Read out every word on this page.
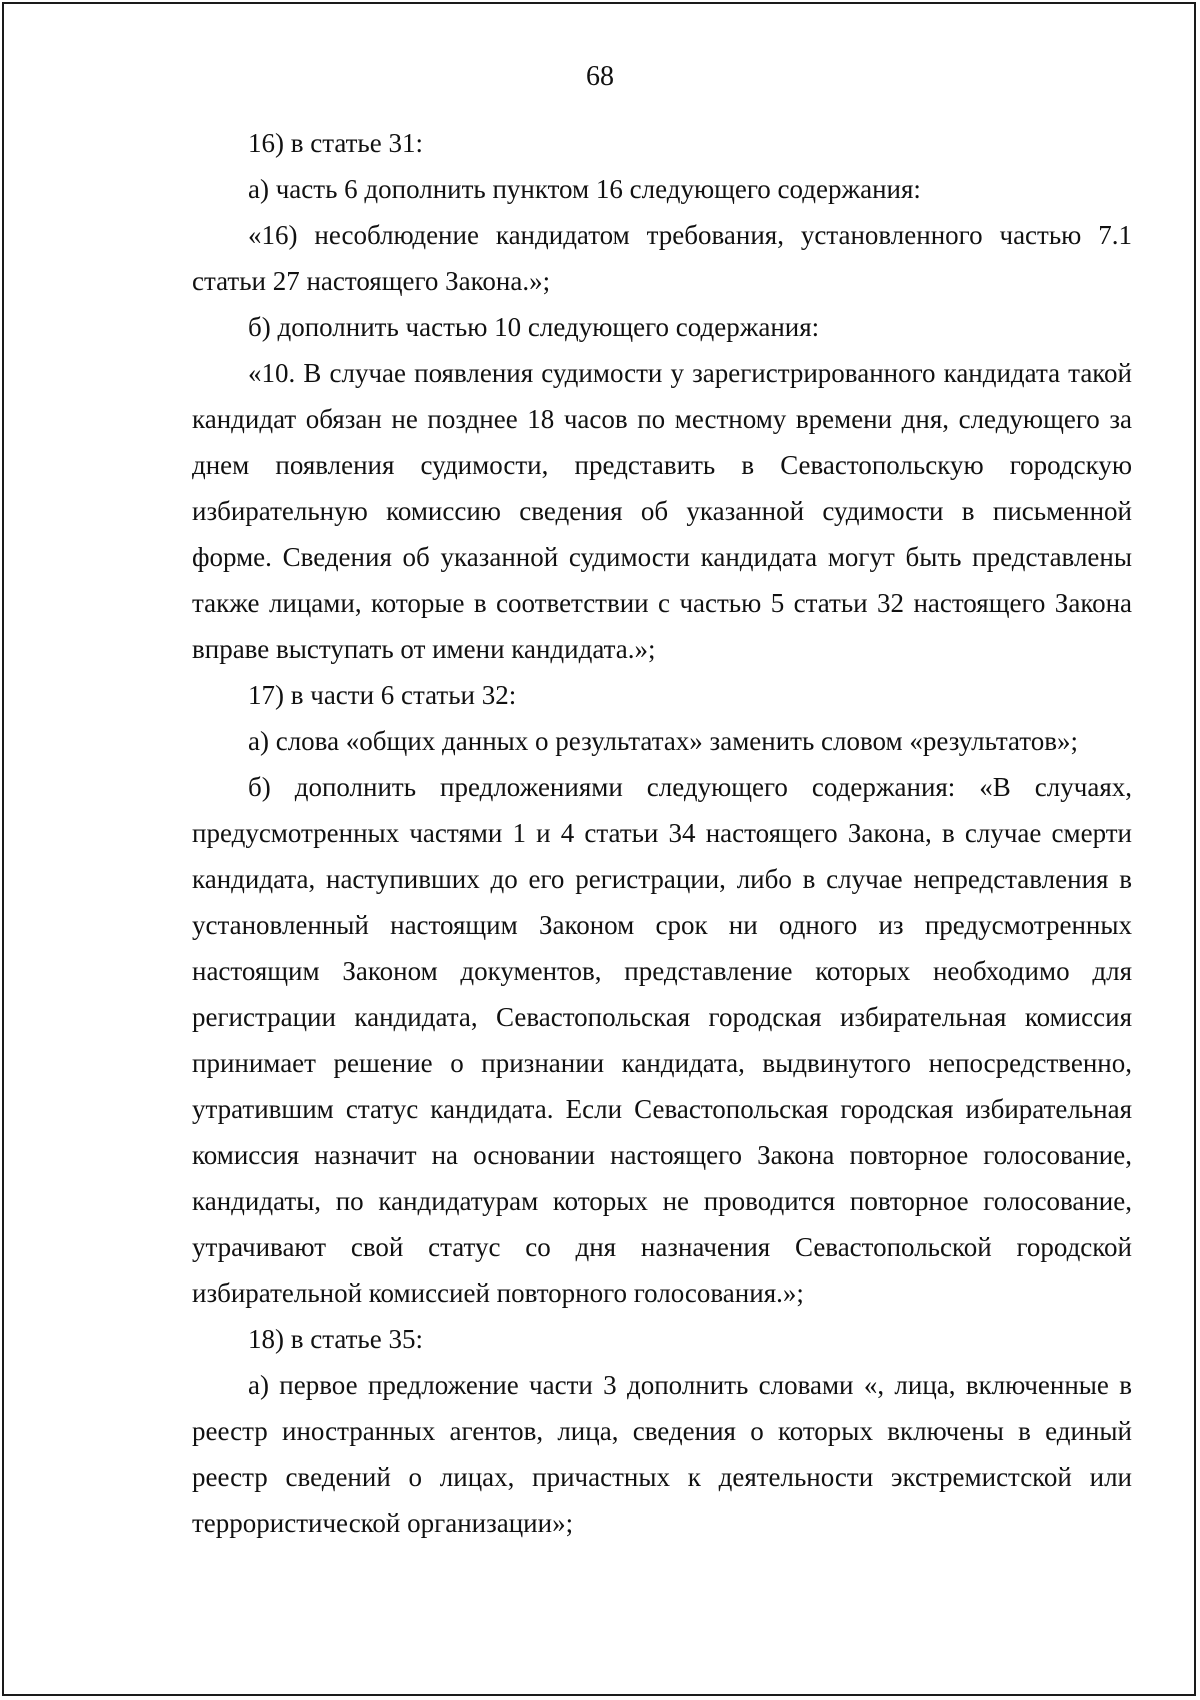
68

16) в статье 31:

а) часть 6 дополнить пунктом 16 следующего содержания:

«16) несоблюдение кандидатом требования, установленного частью 7.1 статьи 27 настоящего Закона.»;

б) дополнить частью 10 следующего содержания:

«10. В случае появления судимости у зарегистрированного кандидата такой кандидат обязан не позднее 18 часов по местному времени дня, следующего за днем появления судимости, представить в Севастопольскую городскую избирательную комиссию сведения об указанной судимости в письменной форме. Сведения об указанной судимости кандидата могут быть представлены также лицами, которые в соответствии с частью 5 статьи 32 настоящего Закона вправе выступать от имени кандидата.»;

17) в части 6 статьи 32:

а) слова «общих данных о результатах» заменить словом «результатов»;

б) дополнить предложениями следующего содержания: «В случаях, предусмотренных частями 1 и 4 статьи 34 настоящего Закона, в случае смерти кандидата, наступивших до его регистрации, либо в случае непредставления в установленный настоящим Законом срок ни одного из предусмотренных настоящим Законом документов, представление которых необходимо для регистрации кандидата, Севастопольская городская избирательная комиссия принимает решение о признании кандидата, выдвинутого непосредственно, утратившим статус кандидата. Если Севастопольская городская избирательная комиссия назначит на основании настоящего Закона повторное голосование, кандидаты, по кандидатурам которых не проводится повторное голосование, утрачивают свой статус со дня назначения Севастопольской городской избирательной комиссией повторного голосования.»;

18) в статье 35:

а) первое предложение части 3 дополнить словами «, лица, включенные в реестр иностранных агентов, лица, сведения о которых включены в единый реестр сведений о лицах, причастных к деятельности экстремистской или террористической организации»;
